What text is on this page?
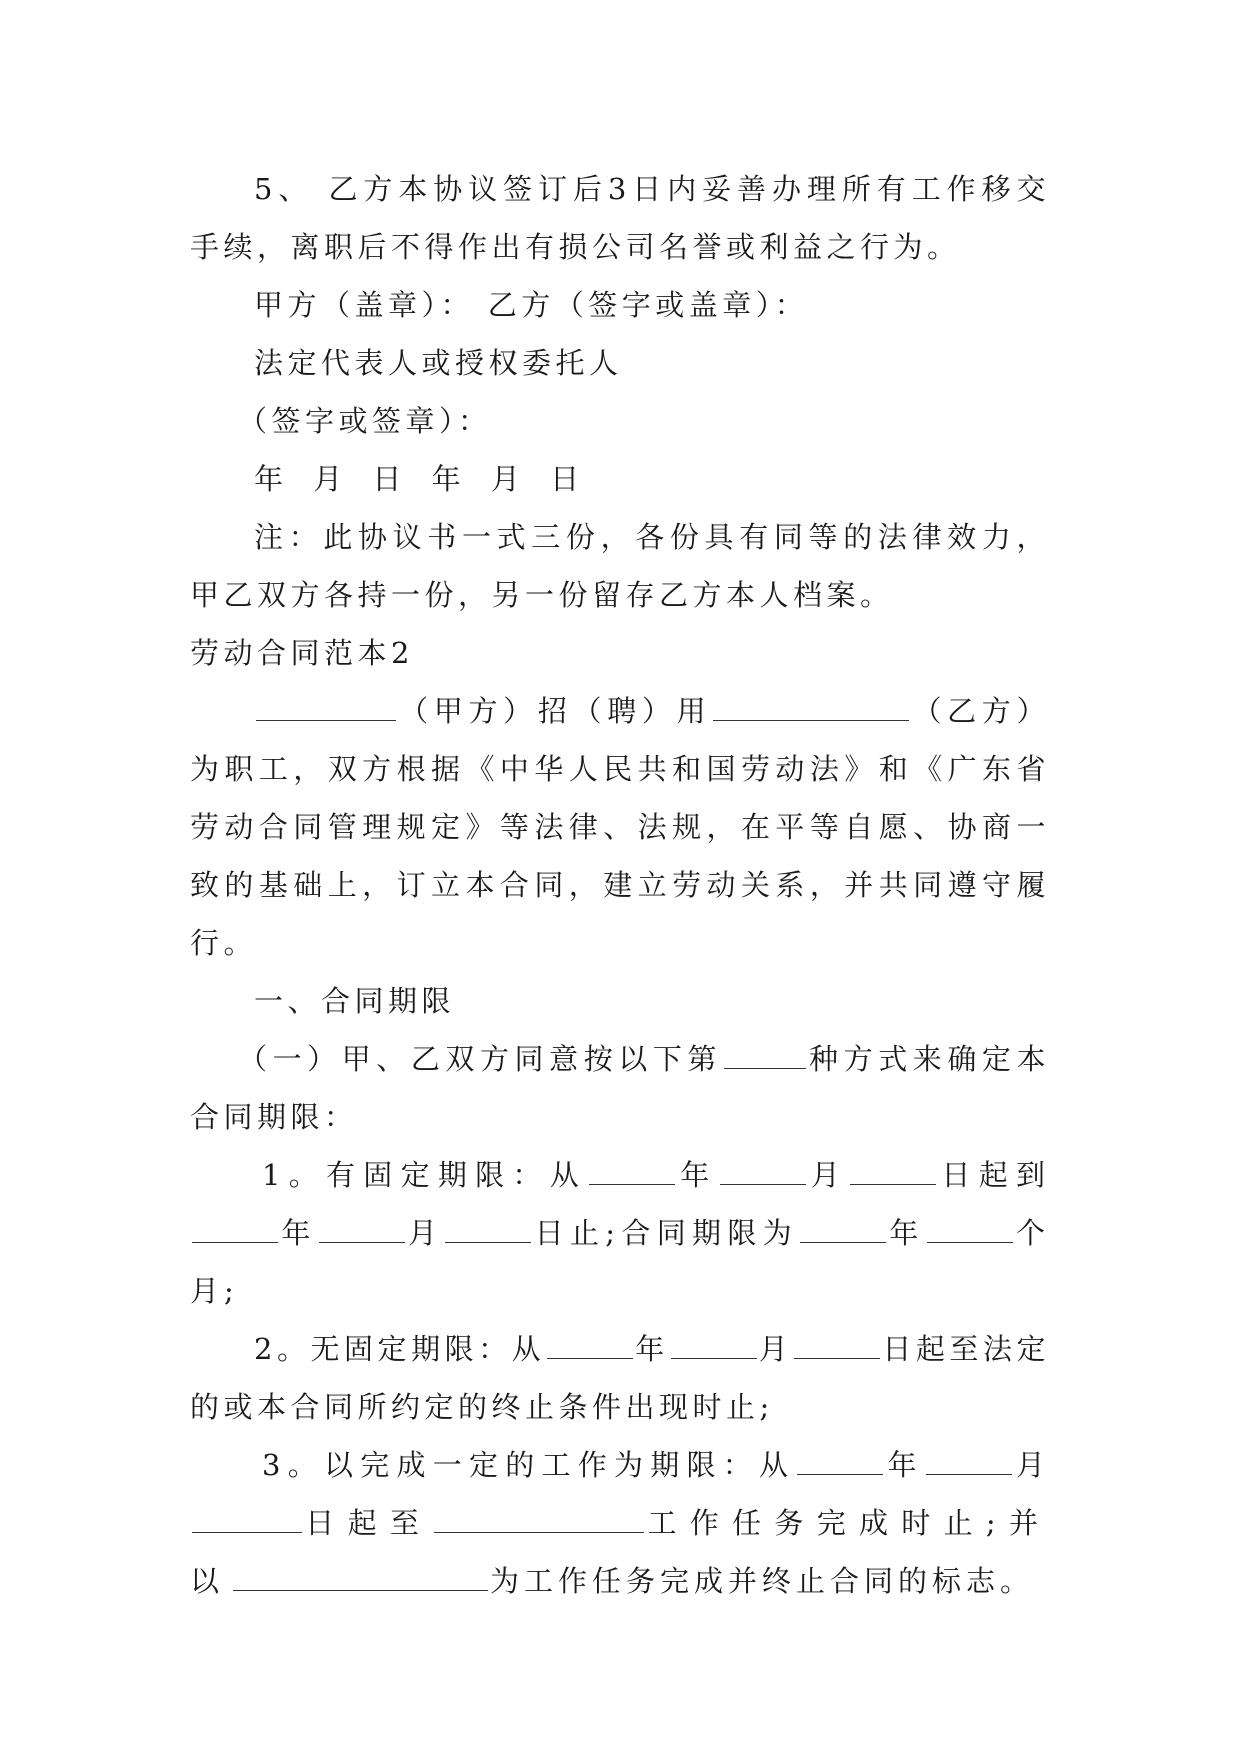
5、 乙方本协议签订后3日内妥善办理所有工作移交手续，离职后不得作出有损公司名誉或利益之行为。

甲方（盖章）： 乙方（签字或盖章）：

法定代表人或授权委托人

（签字或签章）：

年 月 日 年 月 日

注：此协议书一式三份，各份具有同等的法律效力，甲乙双方各持一份，另一份留存乙方本人档案。

劳动合同范本2

（甲方）招（聘）用	（乙方）为职工，双方根据《中华人民共和国劳动法》和《广东省劳动合同管理规定》等法律、法规，在平等自愿、协商一致的基础上，订立本合同，建立劳动关系，并共同遵守履行。

一、合同期限

（一）甲、乙双方同意按以下第	种方式来确定本合同期限：

1。有固定期限：从	年	月	日起到年	月	日止;合同期限为	年	个月;

2。无固定期限：从	年	月	日起至法定的或本合同所约定的终止条件出现时止;

3。以完成一定的工作为期限：从	年	月日起至	工作任务完成时止;并以	为工作任务完成并终止合同的标志。
